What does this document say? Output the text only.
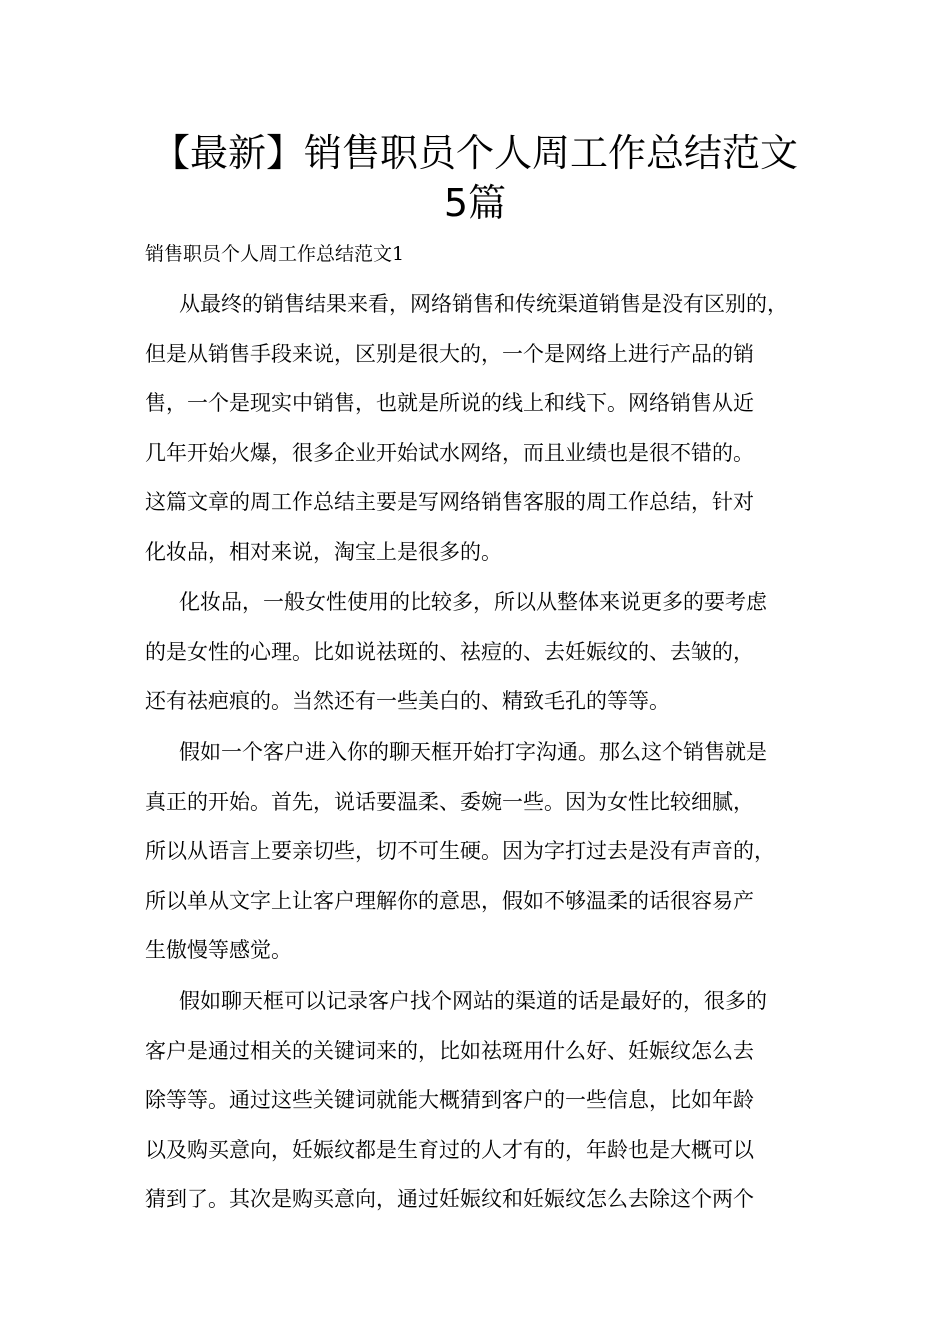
【最新】销售职员个人周工作总结范文
5篇
销售职员个人周工作总结范文1
从最终的销售结果来看，网络销售和传统渠道销售是没有区别的，
但是从销售手段来说，区别是很大的，一个是网络上进行产品的销
售，一个是现实中销售，也就是所说的线上和线下。网络销售从近
几年开始火爆，很多企业开始试水网络，而且业绩也是很不错的。
这篇文章的周工作总结主要是写网络销售客服的周工作总结，针对
化妆品，相对来说，淘宝上是很多的。
化妆品，一般女性使用的比较多，所以从整体来说更多的要考虑
的是女性的心理。比如说祛斑的、祛痘的、去妊娠纹的、去皱的，
还有祛疤痕的。当然还有一些美白的、精致毛孔的等等。
假如一个客户进入你的聊天框开始打字沟通。那么这个销售就是
真正的开始。首先，说话要温柔、委婉一些。因为女性比较细腻，
所以从语言上要亲切些，切不可生硬。因为字打过去是没有声音的，
所以单从文字上让客户理解你的意思，假如不够温柔的话很容易产
生傲慢等感觉。
假如聊天框可以记录客户找个网站的渠道的话是最好的，很多的
客户是通过相关的关键词来的，比如祛斑用什么好、妊娠纹怎么去
除等等。通过这些关键词就能大概猜到客户的一些信息，比如年龄
以及购买意向，妊娠纹都是生育过的人才有的，年龄也是大概可以
猜到了。其次是购买意向，通过妊娠纹和妊娠纹怎么去除这个两个
